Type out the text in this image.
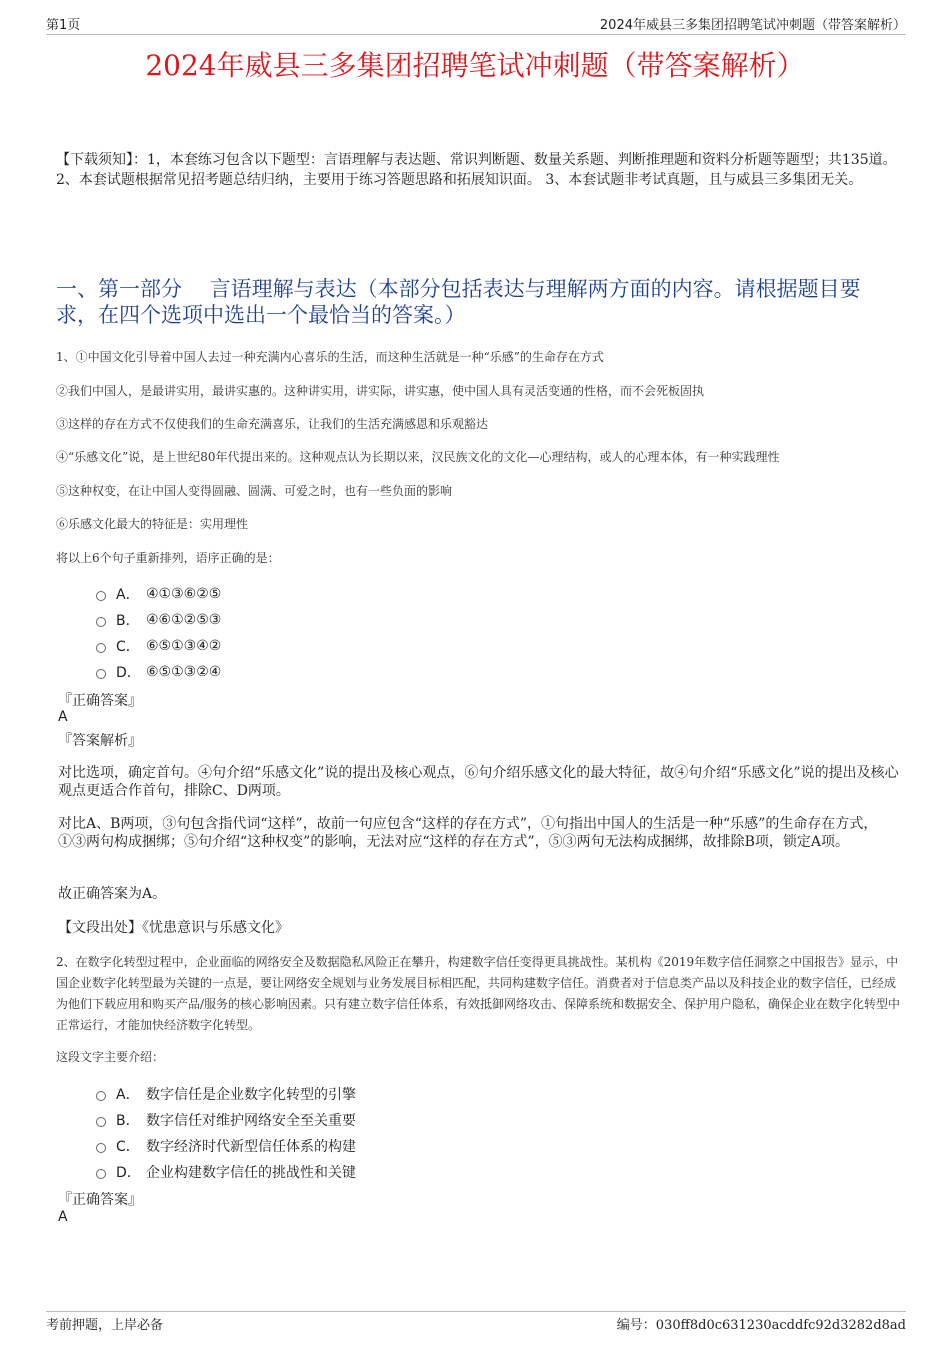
第1页	2024年威县三多集团招聘笔试冲刺题（带答案解析）
2024年威县三多集团招聘笔试冲刺题（带答案解析）
【下载须知】：1，本套练习包含以下题型：言语理解与表达题、常识判断题、数量关系题、判断推理题和资料分析题等题型；共135道。 2、本套试题根据常见招考题总结归纳，主要用于练习答题思路和拓展知识面。 3、本套试题非考试真题，且与威县三多集团无关。
一、第一部分　 言语理解与表达（本部分包括表达与理解两方面的内容。请根据题目要求，在四个选项中选出一个最恰当的答案。）
1、①中国文化引导着中国人去过一种充满内心喜乐的生活，而这种生活就是一种“乐感”的生命存在方式
②我们中国人，是最讲实用，最讲实惠的。这种讲实用，讲实际，讲实惠，使中国人具有灵活变通的性格，而不会死板固执
③这样的存在方式不仅使我们的生命充满喜乐，让我们的生活充满感恩和乐观豁达
④“乐感文化”说，是上世纪80年代提出来的。这种观点认为长期以来，汉民族文化的文化—心理结构，或人的心理本体，有一种实践理性
⑤这种权变，在让中国人变得圆融、圆满、可爱之时，也有一些负面的影响
⑥乐感文化最大的特征是：实用理性
将以上6个句子重新排列，语序正确的是：
A． ④①③⑥②⑤
B． ④⑥①②⑤③
C． ⑥⑤①③④②
D． ⑥⑤①③②④
『正确答案』
A
『答案解析』
对比选项，确定首句。④句介绍“乐感文化”说的提出及核心观点，⑥句介绍乐感文化的最大特征，故④句介绍“乐感文化”说的提出及核心观点更适合作首句，排除C、D两项。
对比A、B两项，③句包含指代词“这样”，故前一句应包含“这样的存在方式”，①句指出中国人的生活是一种“乐感”的生命存在方式，①③两句构成捆绑；⑤句介绍“这种权变”的影响，无法对应“这样的存在方式”，⑤③两句无法构成捆绑，故排除B项，锁定A项。
故正确答案为A。
【文段出处】《忧患意识与乐感文化》
2、在数字化转型过程中，企业面临的网络安全及数据隐私风险正在攀升，构建数字信任变得更具挑战性。某机构《2019年数字信任洞察之中国报告》显示，中国企业数字化转型最为关键的一点是，要让网络安全规划与业务发展目标相匹配，共同构建数字信任。消费者对于信息类产品以及科技企业的数字信任，已经成为他们下载应用和购买产品/服务的核心影响因素。只有建立数字信任体系，有效抵御网络攻击、保障系统和数据安全、保护用户隐私，确保企业在数字化转型中正常运行，才能加快经济数字化转型。
这段文字主要介绍：
A． 数字信任是企业数字化转型的引擎
B． 数字信任对维护网络安全至关重要
C． 数字经济时代新型信任体系的构建
D． 企业构建数字信任的挑战性和关键
『正确答案』
A
考前押题，上岸必备	编号：030ff8d0c631230acddfc92d3282d8ad
